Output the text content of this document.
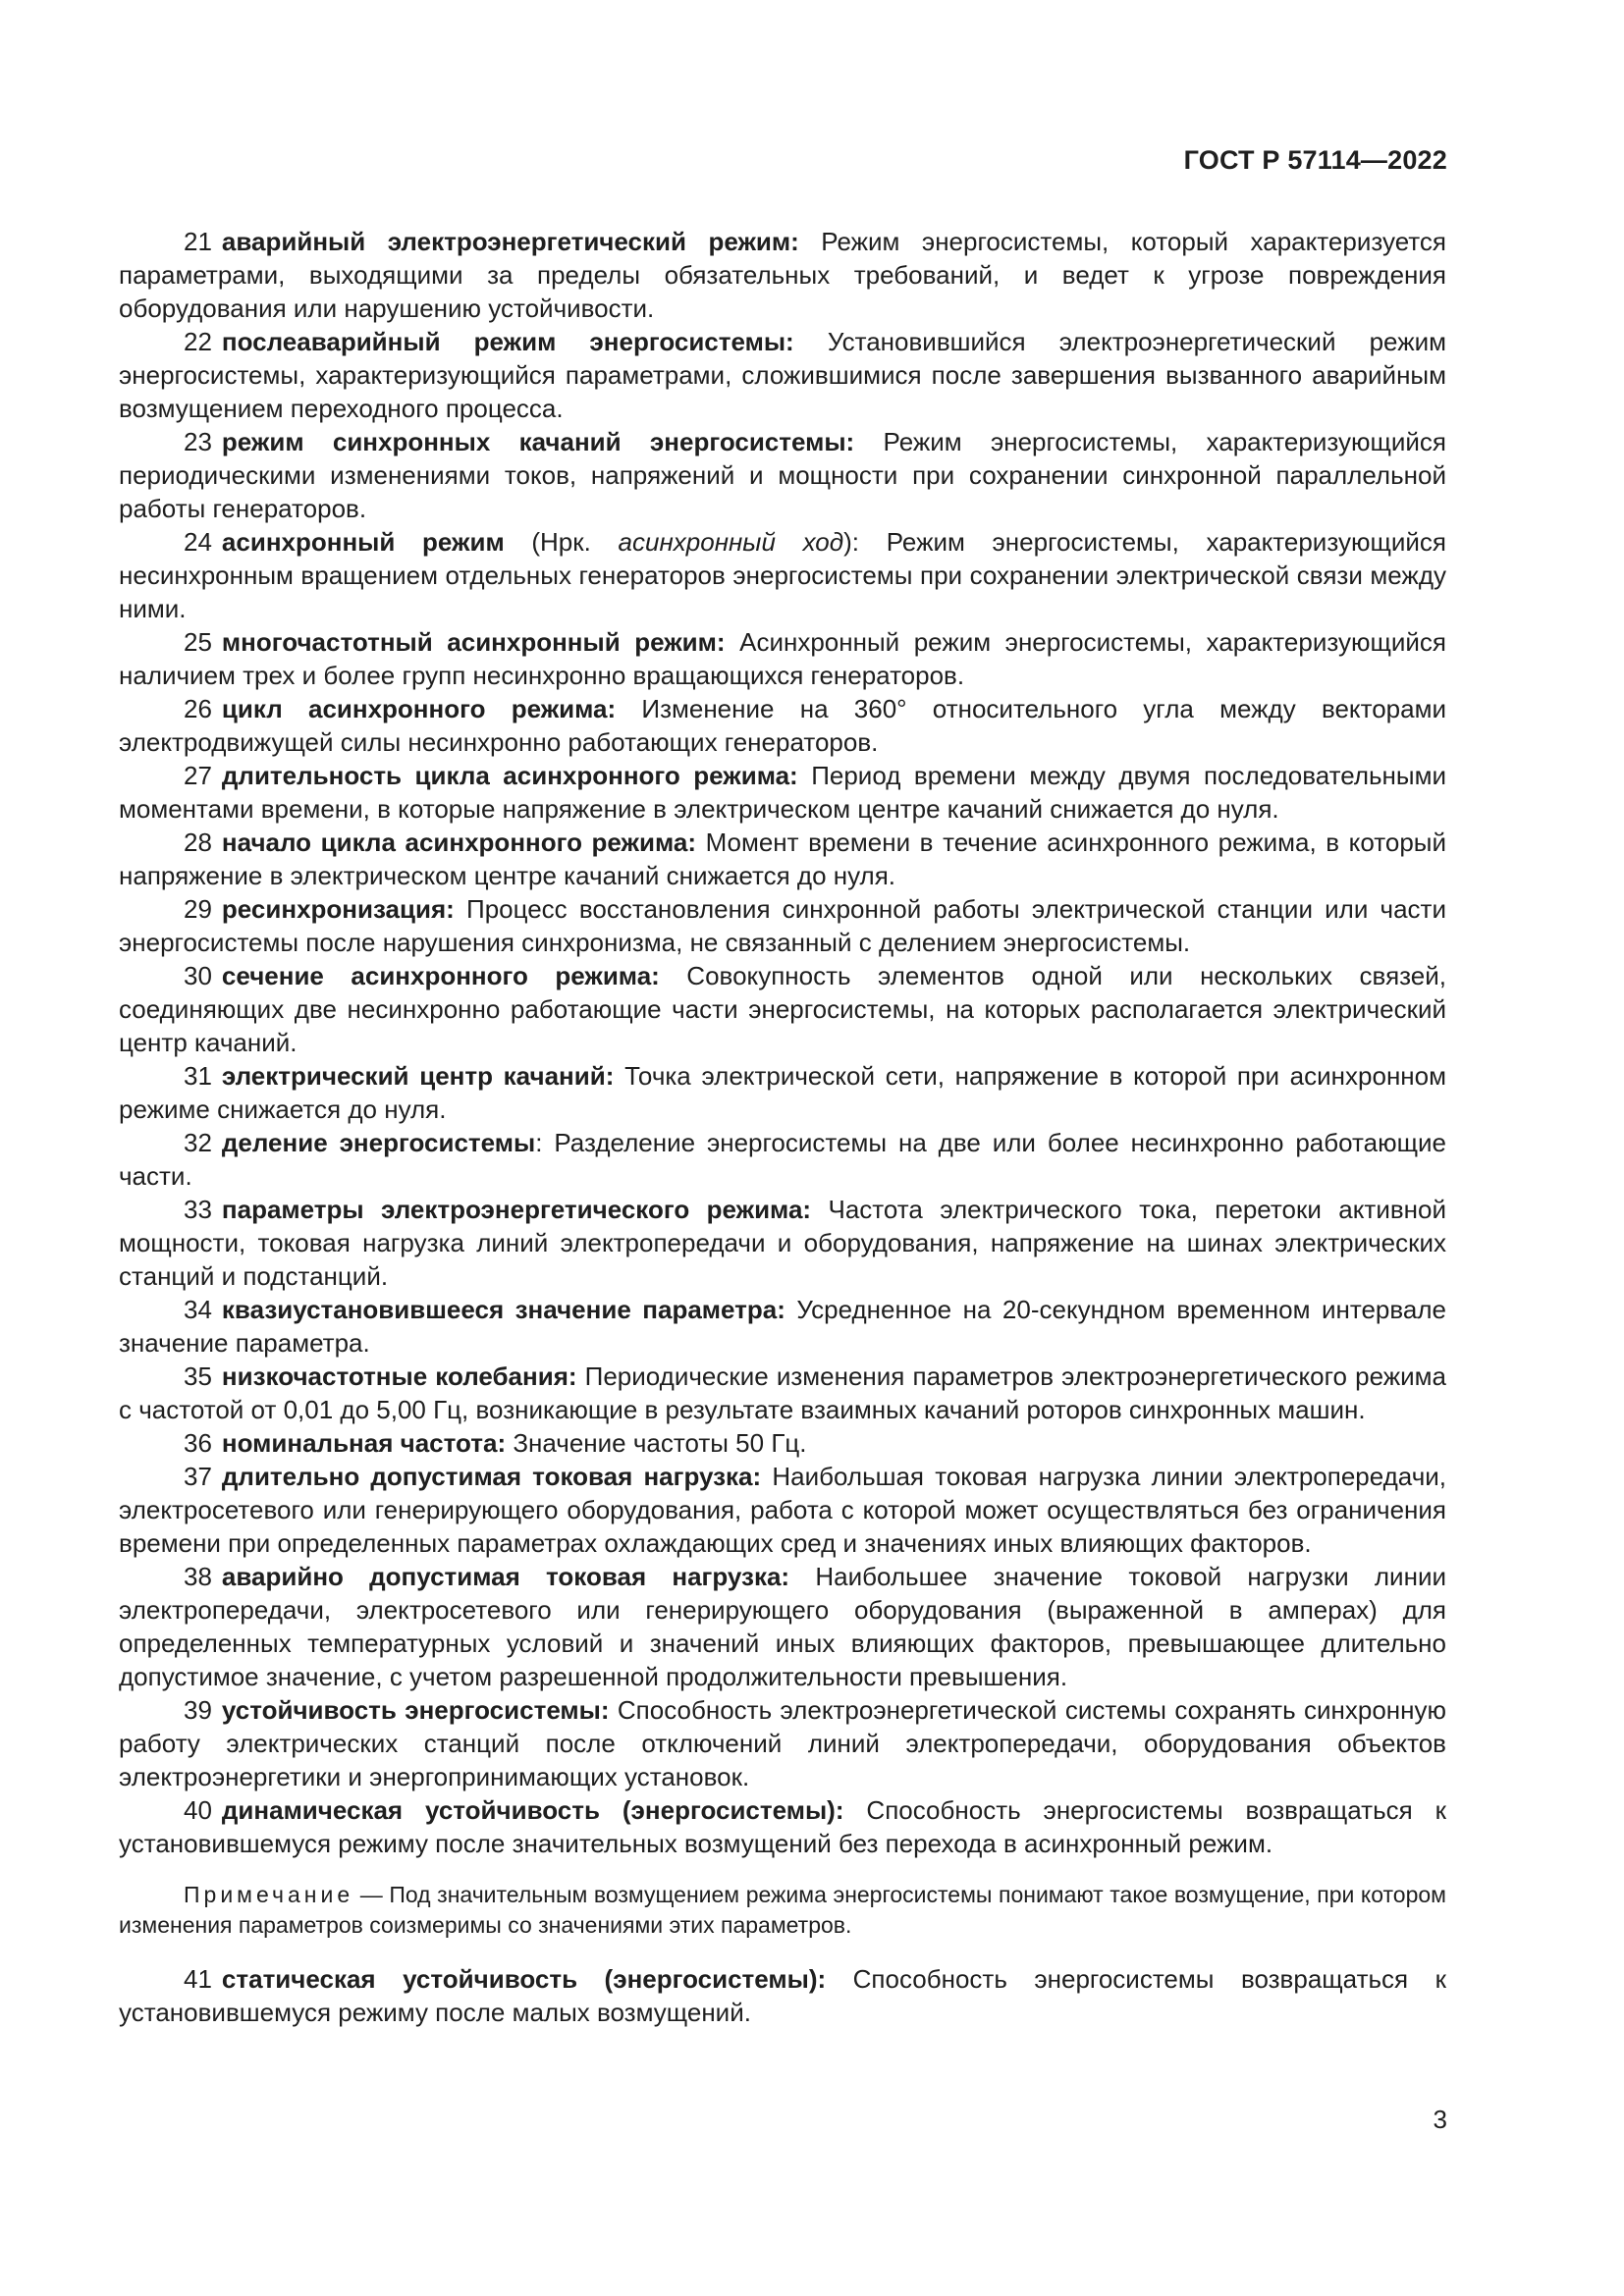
ГОСТ Р 57114—2022

21 аварийный электроэнергетический режим: Режим энергосистемы, который характеризуется параметрами, выходящими за пределы обязательных требований, и ведет к угрозе повреждения оборудования или нарушению устойчивости.

22 послеаварийный режим энергосистемы: Установившийся электроэнергетический режим энергосистемы, характеризующийся параметрами, сложившимися после завершения вызванного аварийным возмущением переходного процесса.

23 режим синхронных качаний энергосистемы: Режим энергосистемы, характеризующийся периодическими изменениями токов, напряжений и мощности при сохранении синхронной параллельной работы генераторов.

24 асинхронный режим (Нрк. асинхронный ход): Режим энергосистемы, характеризующийся несинхронным вращением отдельных генераторов энергосистемы при сохранении электрической связи между ними.

25 многочастотный асинхронный режим: Асинхронный режим энергосистемы, характеризующийся наличием трех и более групп несинхронно вращающихся генераторов.

26 цикл асинхронного режима: Изменение на 360° относительного угла между векторами электродвижущей силы несинхронно работающих генераторов.

27 длительность цикла асинхронного режима: Период времени между двумя последовательными моментами времени, в которые напряжение в электрическом центре качаний снижается до нуля.

28 начало цикла асинхронного режима: Момент времени в течение асинхронного режима, в который напряжение в электрическом центре качаний снижается до нуля.

29 ресинхронизация: Процесс восстановления синхронной работы электрической станции или части энергосистемы после нарушения синхронизма, не связанный с делением энергосистемы.

30 сечение асинхронного режима: Совокупность элементов одной или нескольких связей, соединяющих две несинхронно работающие части энергосистемы, на которых располагается электрический центр качаний.

31 электрический центр качаний: Точка электрической сети, напряжение в которой при асинхронном режиме снижается до нуля.

32 деление энергосистемы: Разделение энергосистемы на две или более несинхронно работающие части.

33 параметры электроэнергетического режима: Частота электрического тока, перетоки активной мощности, токовая нагрузка линий электропередачи и оборудования, напряжение на шинах электрических станций и подстанций.

34 квазиустановившееся значение параметра: Усредненное на 20-секундном временном интервале значение параметра.

35 низкочастотные колебания: Периодические изменения параметров электроэнергетического режима с частотой от 0,01 до 5,00 Гц, возникающие в результате взаимных качаний роторов синхронных машин.

36 номинальная частота: Значение частоты 50 Гц.

37 длительно допустимая токовая нагрузка: Наибольшая токовая нагрузка линии электропередачи, электросетевого или генерирующего оборудования, работа с которой может осуществляться без ограничения времени при определенных параметрах охлаждающих сред и значениях иных влияющих факторов.

38 аварийно допустимая токовая нагрузка: Наибольшее значение токовой нагрузки линии электропередачи, электросетевого или генерирующего оборудования (выраженной в амперах) для определенных температурных условий и значений иных влияющих факторов, превышающее длительно допустимое значение, с учетом разрешенной продолжительности превышения.

39 устойчивость энергосистемы: Способность электроэнергетической системы сохранять синхронную работу электрических станций после отключений линий электропередачи, оборудования объектов электроэнергетики и энергопринимающих установок.

40 динамическая устойчивость (энергосистемы): Способность энергосистемы возвращаться к установившемуся режиму после значительных возмущений без перехода в асинхронный режим.

Примечание — Под значительным возмущением режима энергосистемы понимают такое возмущение, при котором изменения параметров соизмеримы со значениями этих параметров.

41 статическая устойчивость (энергосистемы): Способность энергосистемы возвращаться к установившемуся режиму после малых возмущений.

3
